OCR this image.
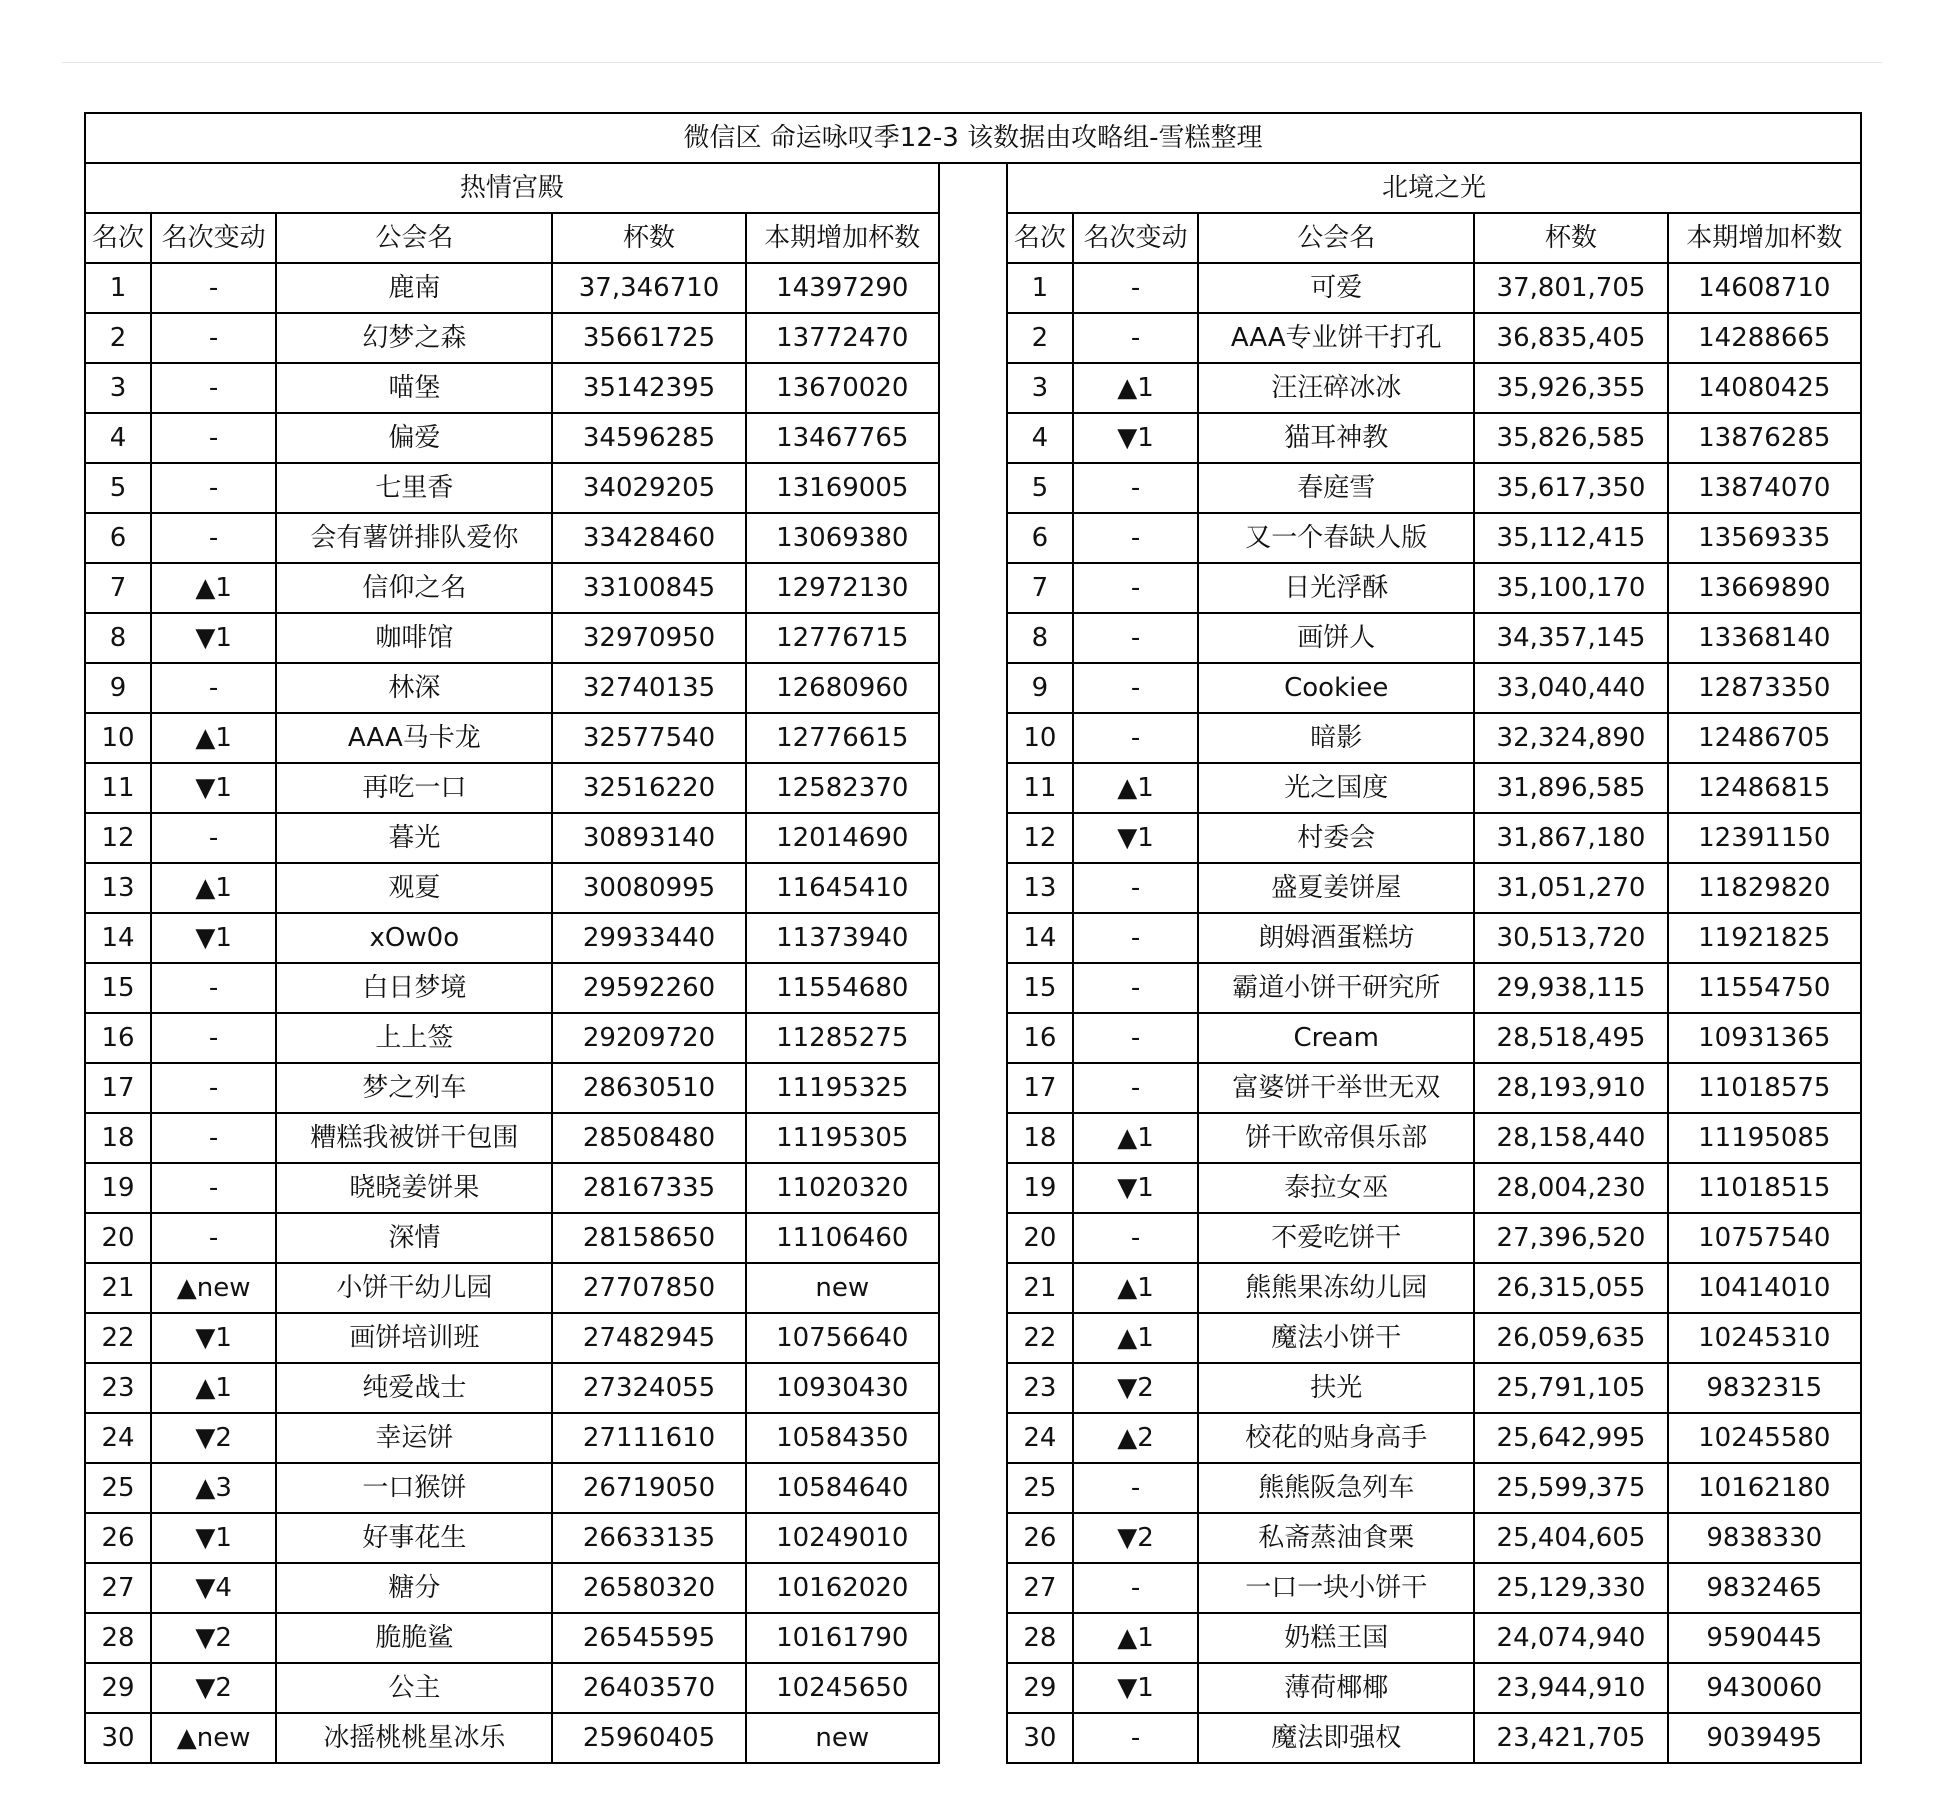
微信区 命运咏叹季12-3 该数据由攻略组-雪糕整理										
热情宫殿						北境之光				
名次	名次变动	公会名	杯数	本期增加杯数		名次	名次变动	公会名	杯数	本期增加杯数
1	-	鹿南	37,346710	14397290		1	-	可爱	37,801,705	14608710
2	-	幻梦之森	35661725	13772470		2	-	AAA专业饼干打孔	36,835,405	14288665
3	-	喵堡	35142395	13670020		3	▲1	汪汪碎冰冰	35,926,355	14080425
4	-	偏爱	34596285	13467765		4	▼1	猫耳神教	35,826,585	13876285
5	-	七里香	34029205	13169005		5	-	春庭雪	35,617,350	13874070
6	-	会有薯饼排队爱你	33428460	13069380		6	-	又一个春缺人版	35,112,415	13569335
7	▲1	信仰之名	33100845	12972130		7	-	日光浮酥	35,100,170	13669890
8	▼1	咖啡馆	32970950	12776715		8	-	画饼人	34,357,145	13368140
9	-	林深	32740135	12680960		9	-	Cookiee	33,040,440	12873350
10	▲1	AAA马卡龙	32577540	12776615		10	-	暗影	32,324,890	12486705
11	▼1	再吃一口	32516220	12582370		11	▲1	光之国度	31,896,585	12486815
12	-	暮光	30893140	12014690		12	▼1	村委会	31,867,180	12391150
13	▲1	观夏	30080995	11645410		13	-	盛夏姜饼屋	31,051,270	11829820
14	▼1	xOw0o	29933440	11373940		14	-	朗姆酒蛋糕坊	30,513,720	11921825
15	-	白日梦境	29592260	11554680		15	-	霸道小饼干研究所	29,938,115	11554750
16	-	上上签	29209720	11285275		16	-	Cream	28,518,495	10931365
17	-	梦之列车	28630510	11195325		17	-	富婆饼干举世无双	28,193,910	11018575
18	-	糟糕我被饼干包围	28508480	11195305		18	▲1	饼干欧帝俱乐部	28,158,440	11195085
19	-	晓晓姜饼果	28167335	11020320		19	▼1	泰拉女巫	28,004,230	11018515
20	-	深情	28158650	11106460		20	-	不爱吃饼干	27,396,520	10757540
21	▲new	小饼干幼儿园	27707850	new		21	▲1	熊熊果冻幼儿园	26,315,055	10414010
22	▼1	画饼培训班	27482945	10756640		22	▲1	魔法小饼干	26,059,635	10245310
23	▲1	纯爱战士	27324055	10930430		23	▼2	扶光	25,791,105	9832315
24	▼2	幸运饼	27111610	10584350		24	▲2	校花的贴身高手	25,642,995	10245580
25	▲3	一口猴饼	26719050	10584640		25	-	熊熊阪急列车	25,599,375	10162180
26	▼1	好事花生	26633135	10249010		26	▼2	私斋蒸油食栗	25,404,605	9838330
27	▼4	糖分	26580320	10162020		27	-	一口一块小饼干	25,129,330	9832465
28	▼2	脆脆鲨	26545595	10161790		28	▲1	奶糕王国	24,074,940	9590445
29	▼2	公主	26403570	10245650		29	▼1	薄荷椰椰	23,944,910	9430060
30	▲new	冰摇桃桃星冰乐	25960405	new		30	-	魔法即强权	23,421,705	9039495
